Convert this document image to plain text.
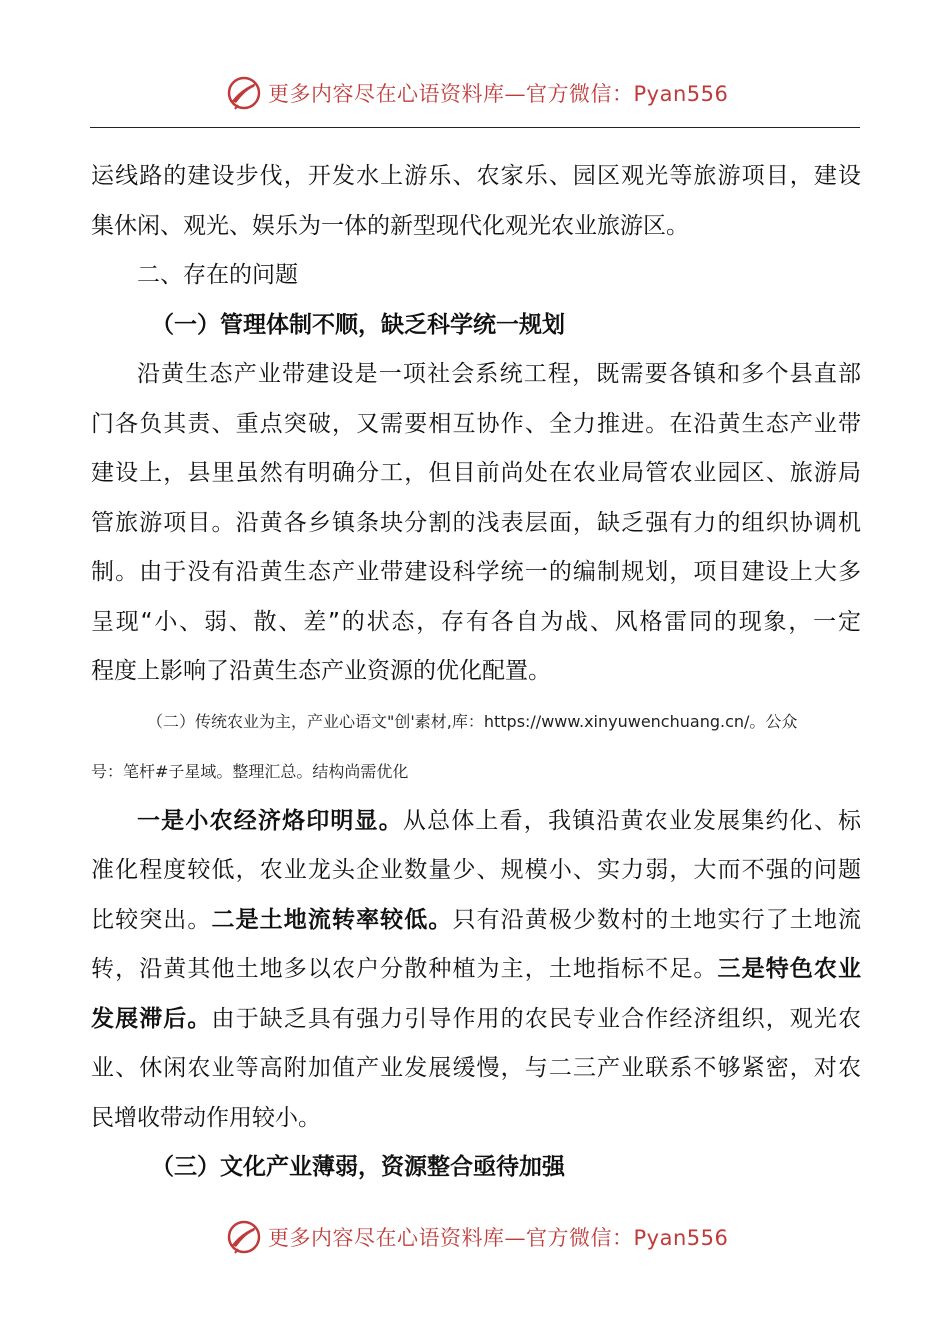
更多内容尽在心语资料库—官方微信：Pyan556
运线路的建设步伐，开发水上游乐、农家乐、园区观光等旅游项目，建设
集休闲、观光、娱乐为一体的新型现代化观光农业旅游区。
二、存在的问题
（一）管理体制不顺，缺乏科学统一规划
沿黄生态产业带建设是一项社会系统工程，既需要各镇和多个县直部
门各负其责、重点突破，又需要相互协作、全力推进。在沿黄生态产业带
建设上，县里虽然有明确分工，但目前尚处在农业局管农业园区、旅游局
管旅游项目。沿黄各乡镇条块分割的浅表层面，缺乏强有力的组织协调机
制。由于没有沿黄生态产业带建设科学统一的编制规划，项目建设上大多
呈现“小、弱、散、差”的状态，存有各自为战、风格雷同的现象，一定
程度上影响了沿黄生态产业资源的优化配置。
（二）传统农业为主，产业心语文"创'素材,库：https://www.xinyuwenchuang.cn/。公众
号：笔杆#子星域。整理汇总。结构尚需优化
一是小农经济烙印明显。从总体上看，我镇沿黄农业发展集约化、标
准化程度较低，农业龙头企业数量少、规模小、实力弱，大而不强的问题
比较突出。二是土地流转率较低。只有沿黄极少数村的土地实行了土地流
转，沿黄其他土地多以农户分散种植为主，土地指标不足。三是特色农业
发展滞后。由于缺乏具有强力引导作用的农民专业合作经济组织，观光农
业、休闲农业等高附加值产业发展缓慢，与二三产业联系不够紧密，对农
民增收带动作用较小。
（三）文化产业薄弱，资源整合亟待加强
更多内容尽在心语资料库—官方微信：Pyan556
